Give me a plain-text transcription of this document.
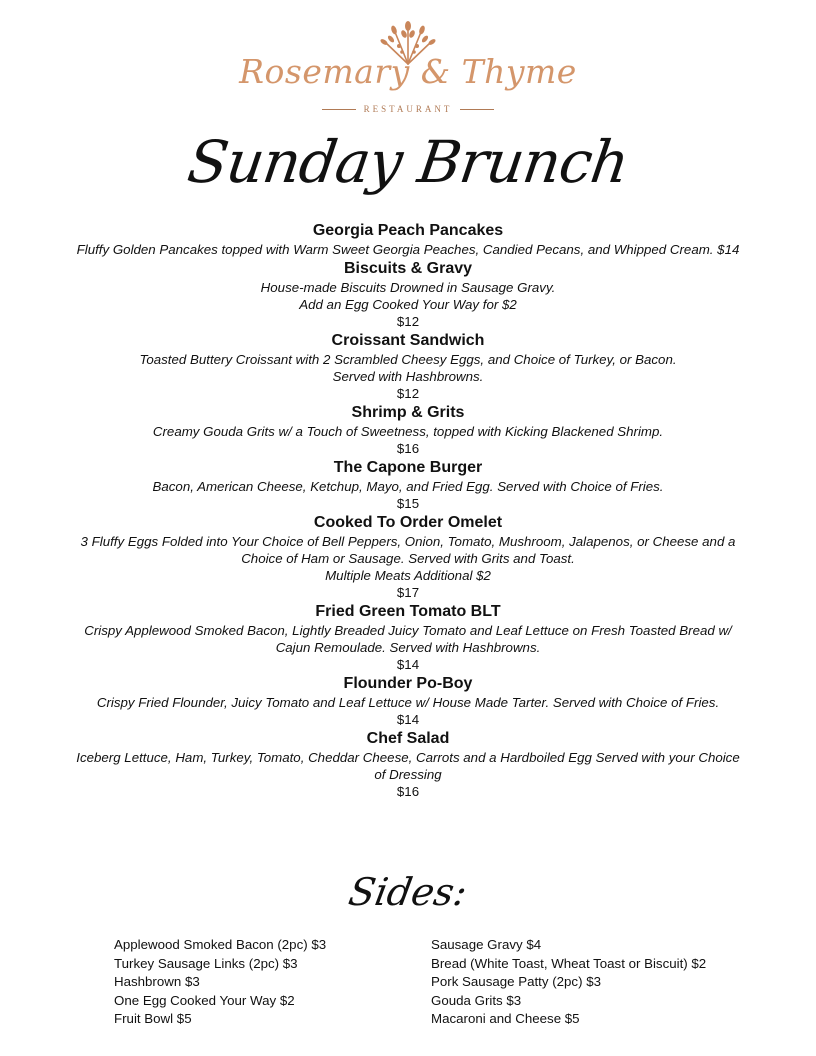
Rosemary & Thyme
RESTAURANT
Sunday Brunch
Georgia Peach Pancakes
Fluffy Golden Pancakes topped with Warm Sweet Georgia Peaches, Candied Pecans, and Whipped Cream. $14
Biscuits & Gravy
House-made Biscuits Drowned in Sausage Gravy.
Add an Egg Cooked Your Way for $2
$12
Croissant Sandwich
Toasted Buttery Croissant with 2 Scrambled Cheesy Eggs, and Choice of Turkey, or Bacon.
Served with Hashbrowns.
$12
Shrimp & Grits
Creamy Gouda Grits w/ a Touch of Sweetness, topped with Kicking Blackened Shrimp.
$16
The Capone Burger
Bacon, American Cheese, Ketchup, Mayo, and Fried Egg. Served with Choice of Fries.
$15
Cooked To Order Omelet
3 Fluffy Eggs Folded into Your Choice of Bell Peppers, Onion, Tomato, Mushroom, Jalapenos, or Cheese and a
Choice of Ham or Sausage. Served with Grits and Toast.
Multiple Meats Additional $2
$17
Fried Green Tomato BLT
Crispy Applewood Smoked Bacon, Lightly Breaded Juicy Tomato and Leaf Lettuce on Fresh Toasted Bread w/
Cajun Remoulade. Served with Hashbrowns.
$14
Flounder Po-Boy
Crispy Fried Flounder, Juicy Tomato and Leaf Lettuce w/ House Made Tarter. Served with Choice of Fries.
$14
Chef Salad
Iceberg Lettuce, Ham, Turkey, Tomato, Cheddar Cheese, Carrots and a Hardboiled Egg Served with your Choice
of Dressing
$16
Sides:
Applewood Smoked Bacon (2pc) $3
Turkey Sausage Links (2pc) $3
Hashbrown $3
One Egg Cooked Your Way $2
Fruit Bowl $5
Sausage Gravy $4
Bread (White Toast, Wheat Toast or Biscuit) $2
Pork Sausage Patty (2pc) $3
Gouda Grits $3
Macaroni and Cheese $5
